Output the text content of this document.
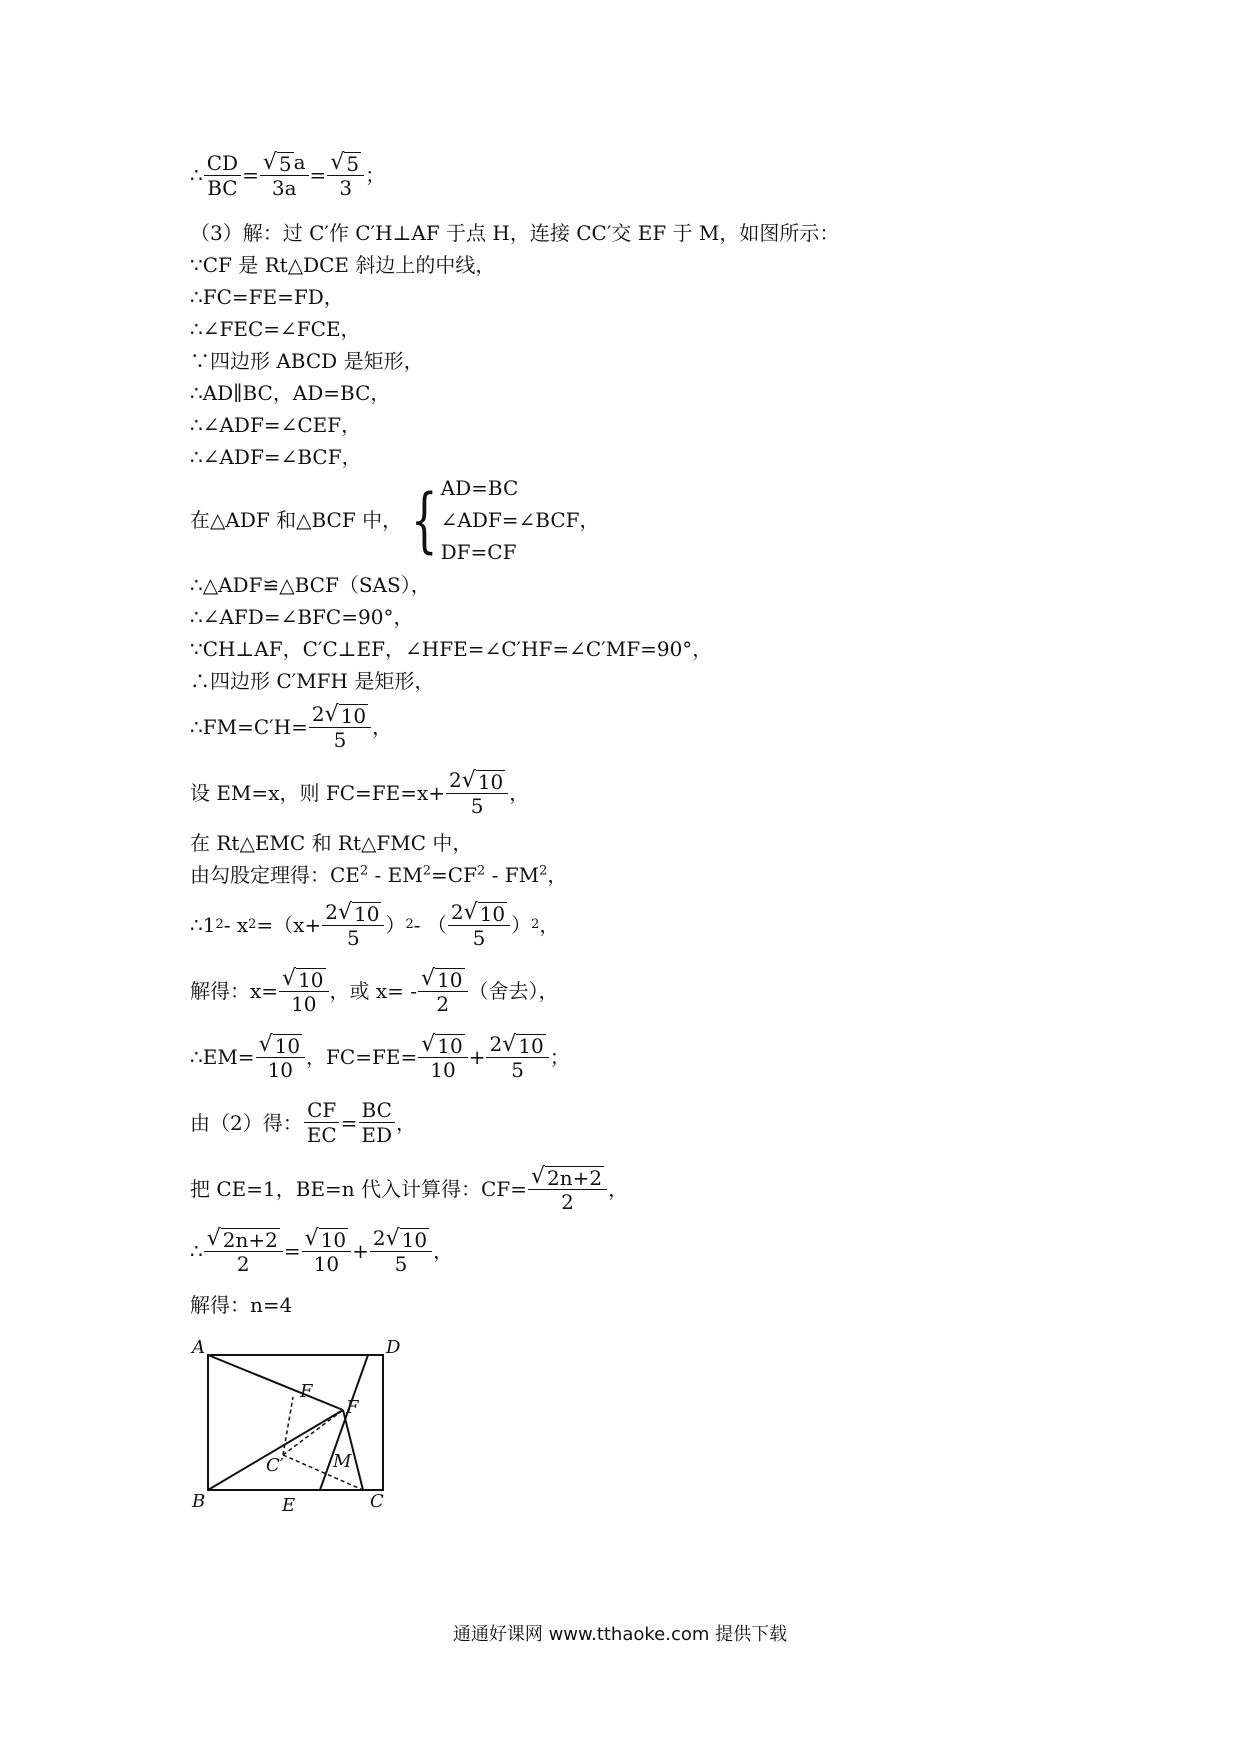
∴ $\frac{CD}{BC} = \frac{√ 5 a}{3a} = \frac{√ 5}{3}$ ；
（3）解：过 C′作 C′H⊥AF 于点 H，连接 CC′交 EF 于 M，如图所示：
∵CF 是 Rt△DCE 斜边上的中线，
∴FC=FE=FD，
∴∠FEC=∠FCE，
∵四边形 ABCD 是矩形，
∴AD∥BC，AD=BC，
∴∠ADF=∠CEF，
∴∠ADF=∠BCF，
在△ADF 和△BCF 中， { AD=BC
∠ADF=∠BCF
DF=CF
，
∴△ADF≌△BCF（SAS），
∴∠AFD=∠BFC=90°，
∵CH⊥AF，C′C⊥EF，∠HFE=∠C′HF=∠C′MF=90°，
∴四边形 C′MFH 是矩形，
∴FM=C′H= $\frac{2 √ 10}{5}$ ，
设 EM=x，则 $FC=FE=x+ \frac{2 √ 10}{5}$ ，
在 Rt△EMC 和 Rt△FMC 中，
由勾股定理得：$CE^2 - EM^2=CF^2 - FM^2$，
∴1 2 - x $2 =(x+ \frac{2 √ 10}{5}$ ） 2 - （ $\frac{2 √ 10}{5}$ ） 2 ，
解得：$x= \frac{√ 10}{10}$ ，或 $x= - \frac{√ 10}{2}$ （舍去），
∴EM= $\frac{√ 10}{10}$ ，$FC=FE= \frac{√ 10}{10} + \frac{2 √ 10}{5}$ ；
由（2）得： $\frac{CF}{EC} = \frac{BC}{ED}$ ，
把 CE=1，BE=n 代入计算得：$CF= \frac{√ 2n+2}{2}$ ，
∴ $\frac{√ 2n+2}{2} = \frac{√ 10}{10} + \frac{2 √ 10}{5}$ ，
解得：n=4
A	D
F
F
C′	M
B	E	C
通通好课网 www.tthaoke.com 提供下载
